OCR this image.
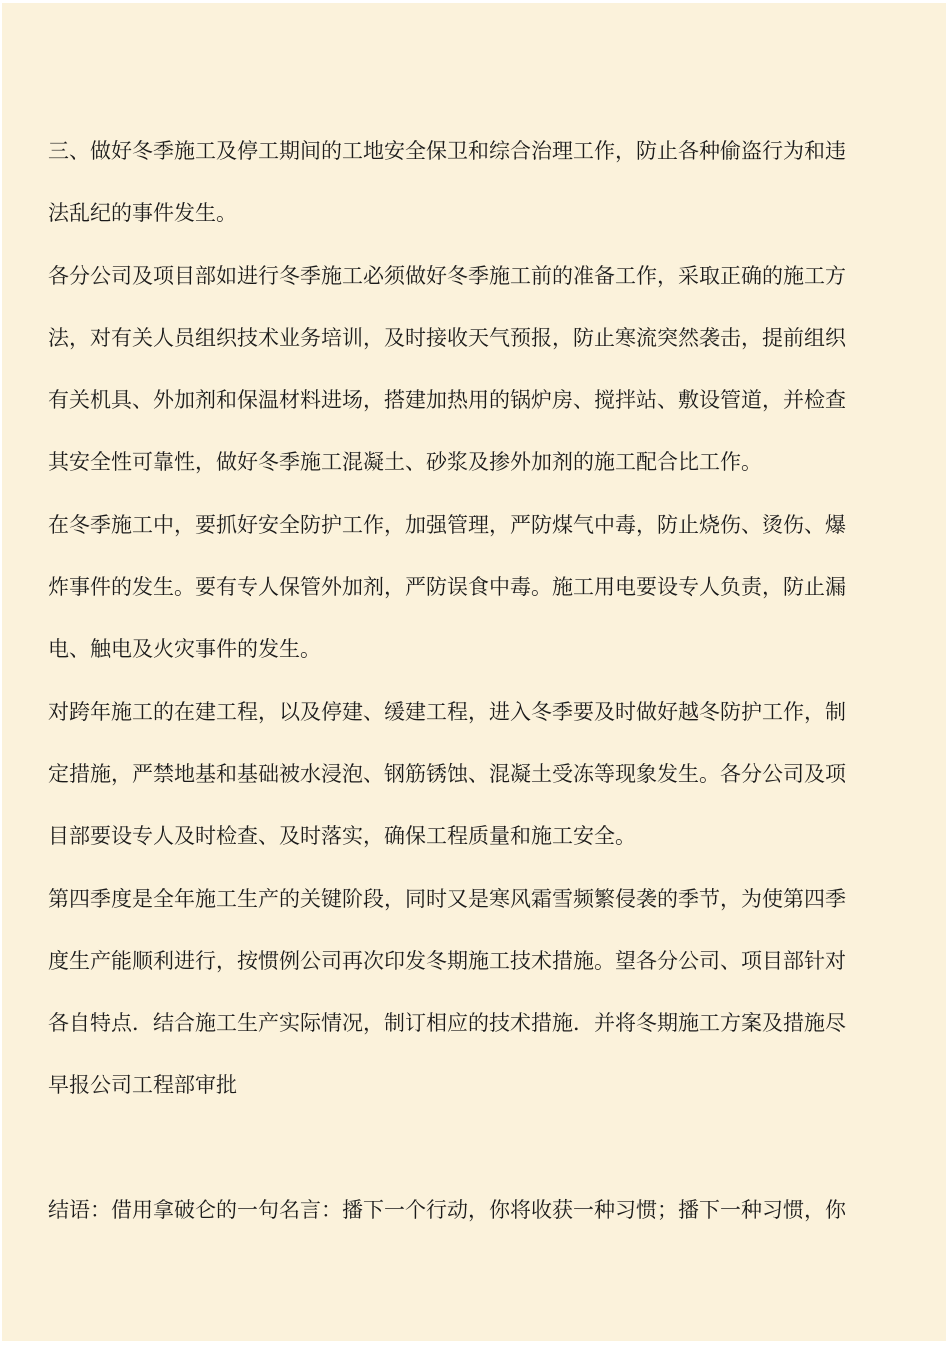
三、做好冬季施工及停工期间的工地安全保卫和综合治理工作，防止各种偷盗行为和违
法乱纪的事件发生。
各分公司及项目部如进行冬季施工必须做好冬季施工前的准备工作，采取正确的施工方
法，对有关人员组织技术业务培训，及时接收天气预报，防止寒流突然袭击，提前组织
有关机具、外加剂和保温材料进场，搭建加热用的锅炉房、搅拌站、敷设管道，并检查
其安全性可靠性，做好冬季施工混凝土、砂浆及掺外加剂的施工配合比工作。
在冬季施工中，要抓好安全防护工作，加强管理，严防煤气中毒，防止烧伤、烫伤、爆
炸事件的发生。要有专人保管外加剂，严防误食中毒。施工用电要设专人负责，防止漏
电、触电及火灾事件的发生。
对跨年施工的在建工程，以及停建、缓建工程，进入冬季要及时做好越冬防护工作，制
定措施，严禁地基和基础被水浸泡、钢筋锈蚀、混凝土受冻等现象发生。各分公司及项
目部要设专人及时检查、及时落实，确保工程质量和施工安全。
第四季度是全年施工生产的关键阶段，同时又是寒风霜雪频繁侵袭的季节，为使第四季
度生产能顺利进行，按惯例公司再次印发冬期施工技术措施。望各分公司、项目部针对
各自特点．结合施工生产实际情况，制订相应的技术措施．并将冬期施工方案及措施尽
早报公司工程部审批
结语：借用拿破仑的一句名言：播下一个行动，你将收获一种习惯；播下一种习惯，你
